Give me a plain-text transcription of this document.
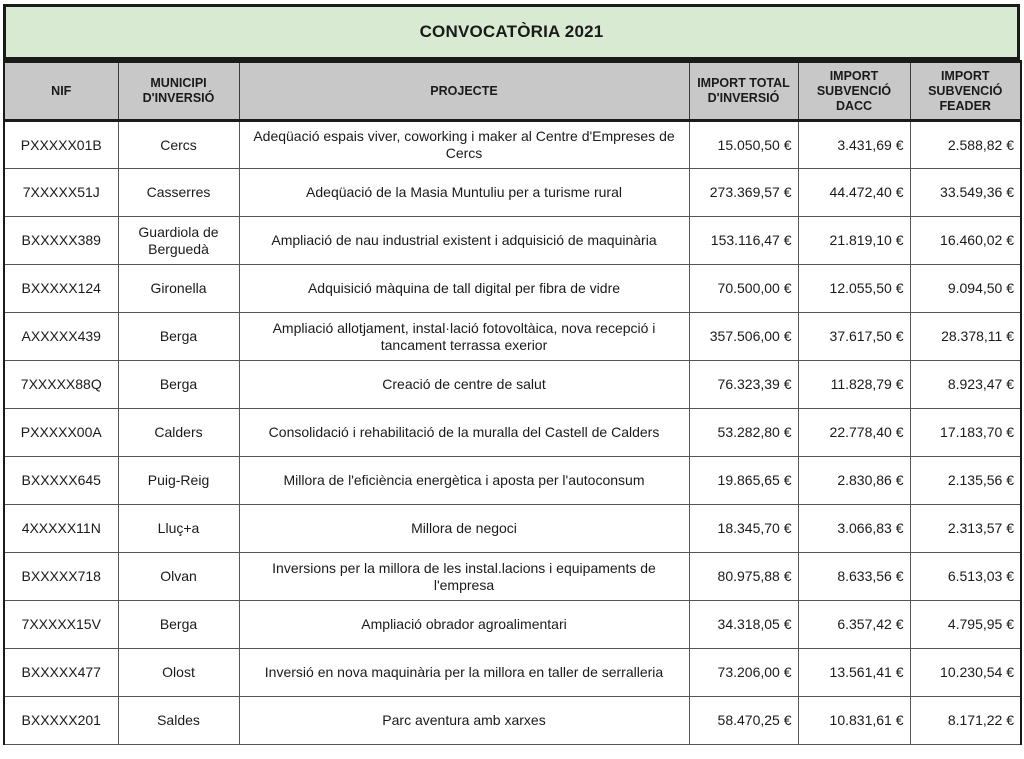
CONVOCATÒRIA 2021
NIF	MUNICIPI D'INVERSIÓ	PROJECTE	IMPORT TOTAL D'INVERSIÓ	IMPORT SUBVENCIÓ DACC	IMPORT SUBVENCIÓ FEADER
PXXXXX01B	Cercs	Adeqüació espais viver, coworking i maker al Centre d'Empreses de Cercs	15.050,50 €	3.431,69 €	2.588,82 €
7XXXXX51J	Casserres	Adeqüació de la Masia Muntuliu per a turisme rural	273.369,57 €	44.472,40 €	33.549,36 €
BXXXXX389	Guardiola de Berguedà	Ampliació de nau industrial existent i adquisició de maquinària	153.116,47 €	21.819,10 €	16.460,02 €
BXXXXX124	Gironella	Adquisició màquina de tall digital per fibra de vidre	70.500,00 €	12.055,50 €	9.094,50 €
AXXXXX439	Berga	Ampliació allotjament, instal·lació fotovoltàica, nova recepció i tancament terrassa exerior	357.506,00 €	37.617,50 €	28.378,11 €
7XXXXX88Q	Berga	Creació de centre de salut	76.323,39 €	11.828,79 €	8.923,47 €
PXXXXX00A	Calders	Consolidació i rehabilitació de la muralla del Castell de Calders	53.282,80 €	22.778,40 €	17.183,70 €
BXXXXX645	Puig-Reig	Millora de l'eficiència energètica i aposta per l'autoconsum	19.865,65 €	2.830,86 €	2.135,56 €
4XXXXX11N	Lluç+a	Millora de negoci	18.345,70 €	3.066,83 €	2.313,57 €
BXXXXX718	Olvan	Inversions per la millora de les instal.lacions i equipaments de l'empresa	80.975,88 €	8.633,56 €	6.513,03 €
7XXXXX15V	Berga	Ampliació obrador agroalimentari	34.318,05 €	6.357,42 €	4.795,95 €
BXXXXX477	Olost	Inversió en nova maquinària per la millora en taller de serralleria	73.206,00 €	13.561,41 €	10.230,54 €
BXXXXX201	Saldes	Parc aventura amb xarxes	58.470,25 €	10.831,61 €	8.171,22 €
